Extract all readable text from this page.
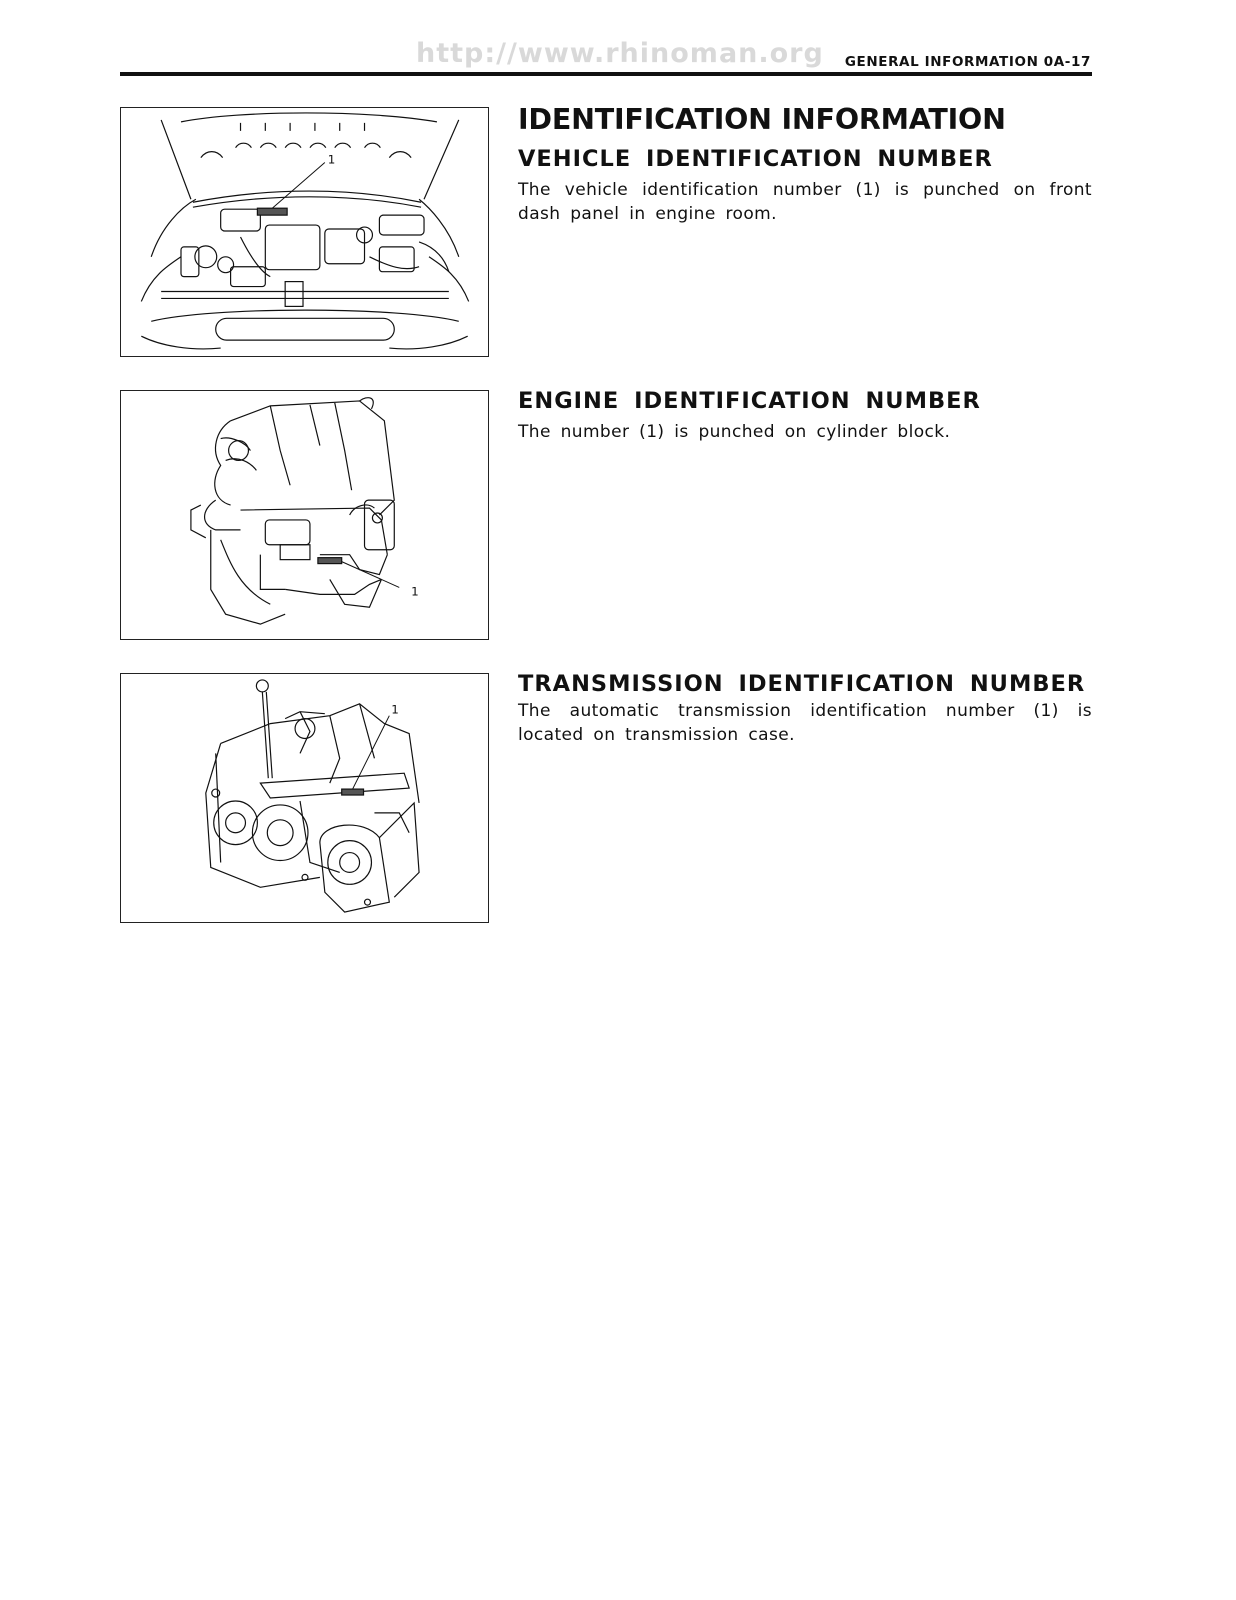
http://www.rhinoman.org GENERAL INFORMATION 0A-17
1
1
1
IDENTIFICATION INFORMATION
VEHICLE IDENTIFICATION NUMBER

The vehicle identification number (1) is punched on front dash panel in engine room.

ENGINE IDENTIFICATION NUMBER

The number (1) is punched on cylinder block.

TRANSMISSION IDENTIFICATION NUMBER

The automatic transmission identification number (1) is located on transmission case.
